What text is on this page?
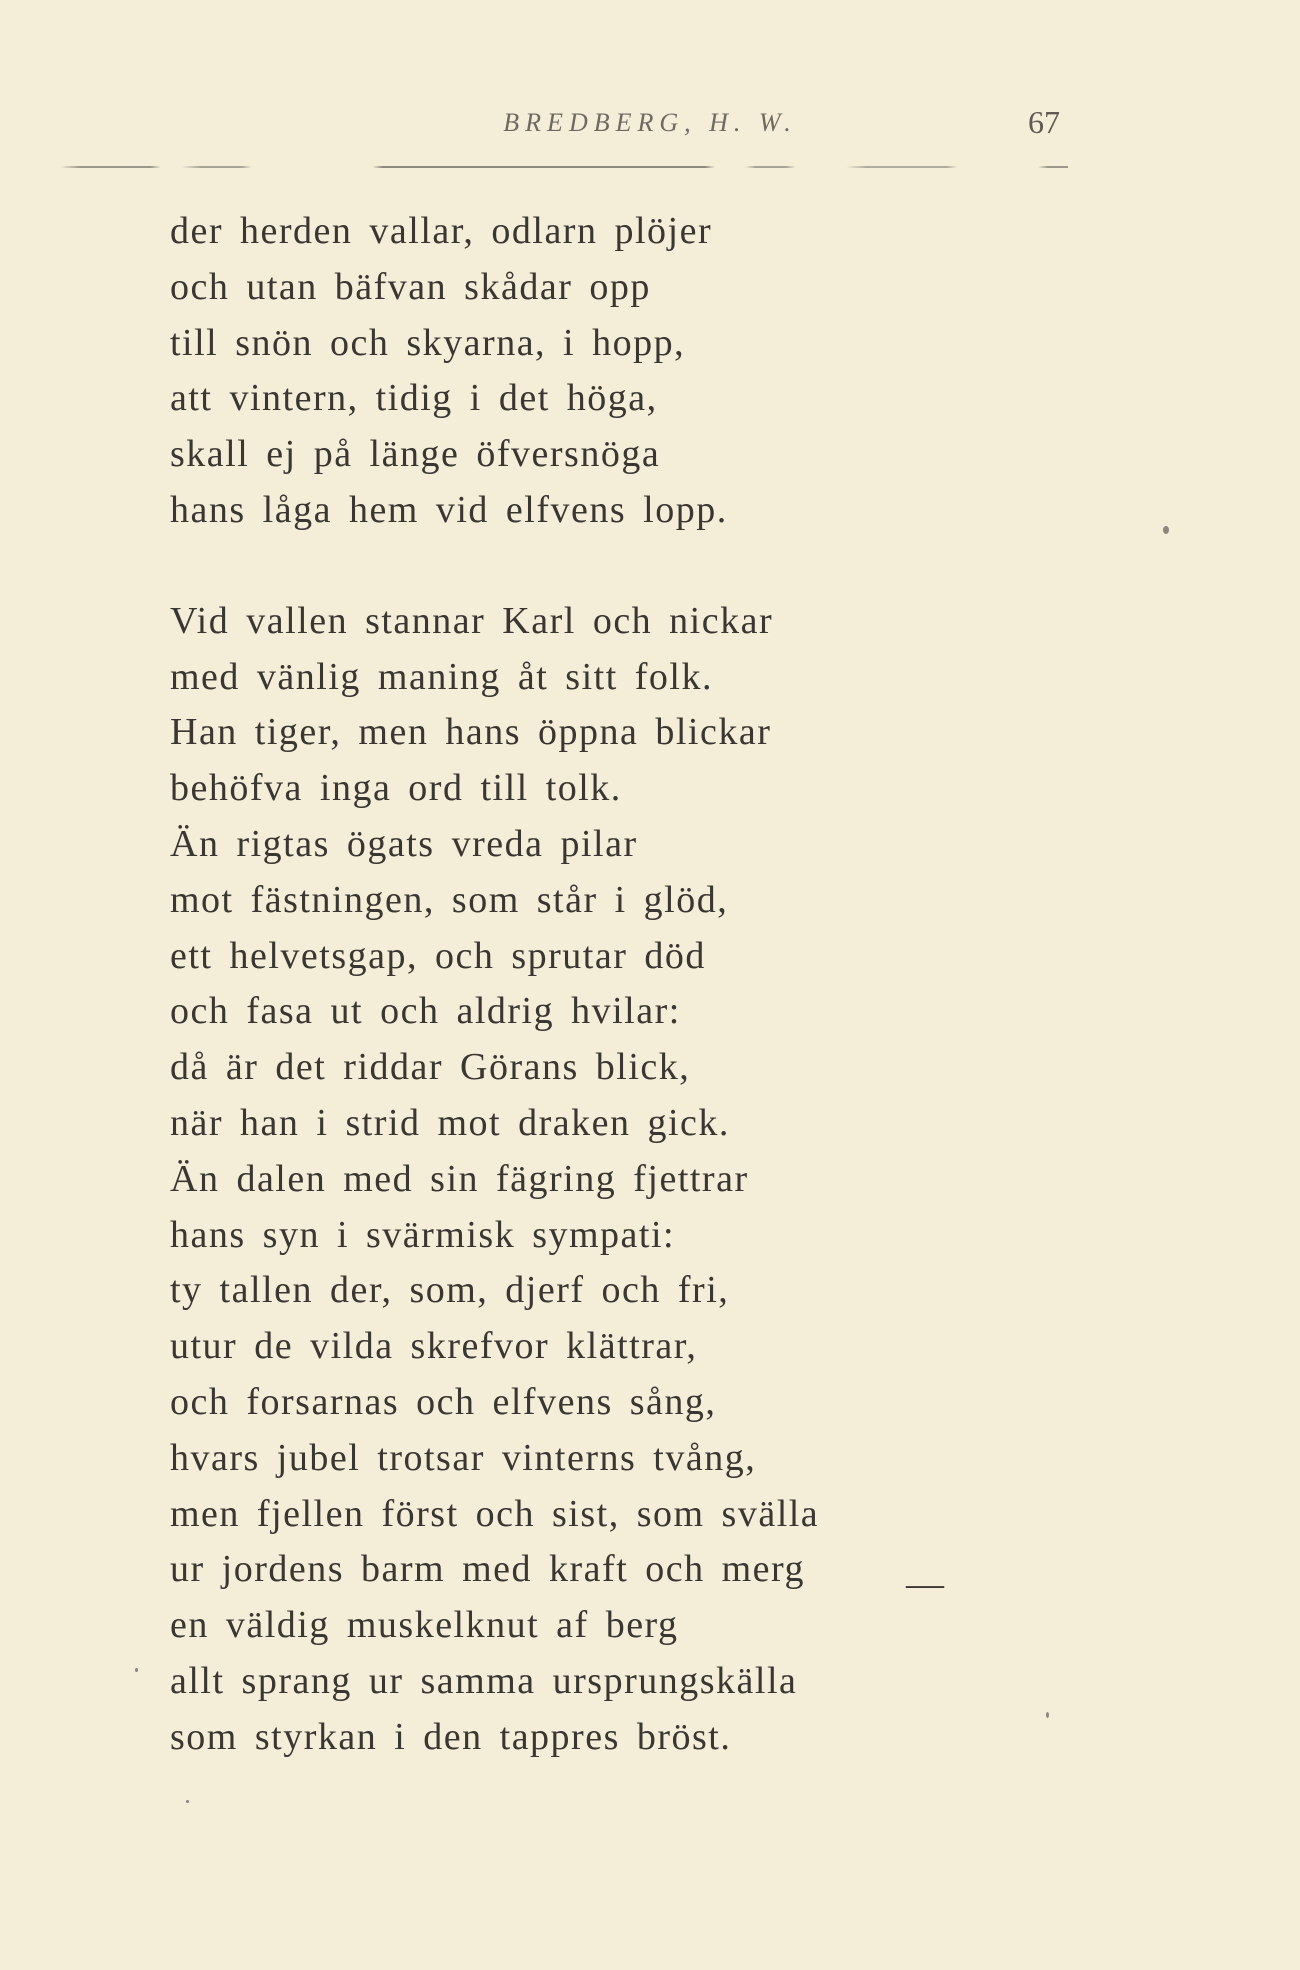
BREDBERG, H. W.	67
der herden vallar, odlarn plöjer
och utan bäfvan skådar opp
till snön och skyarna, i hopp,
att vintern, tidig i det höga,
skall ej på länge öfversnöga
hans låga hem vid elfvens lopp.
Vid vallen stannar Karl och nickar
med vänlig maning åt sitt folk.
Han tiger, men hans öppna blickar
behöfva inga ord till tolk.
Än rigtas ögats vreda pilar
mot fästningen, som står i glöd,
ett helvetsgap, och sprutar död
och fasa ut och aldrig hvilar:
då är det riddar Görans blick,
när han i strid mot draken gick.
Än dalen med sin fägring fjettrar
hans syn i svärmisk sympati:
ty tallen der, som, djerf och fri,
utur de vilda skrefvor klättrar,
och forsarnas och elfvens sång,
hvars jubel trotsar vinterns tvång,
men fjellen först och sist, som svälla
ur jordens barm med kraft och merg
en väldig muskelknut af berg
allt sprang ur samma ursprungskälla
som styrkan i den tappres bröst.
—
